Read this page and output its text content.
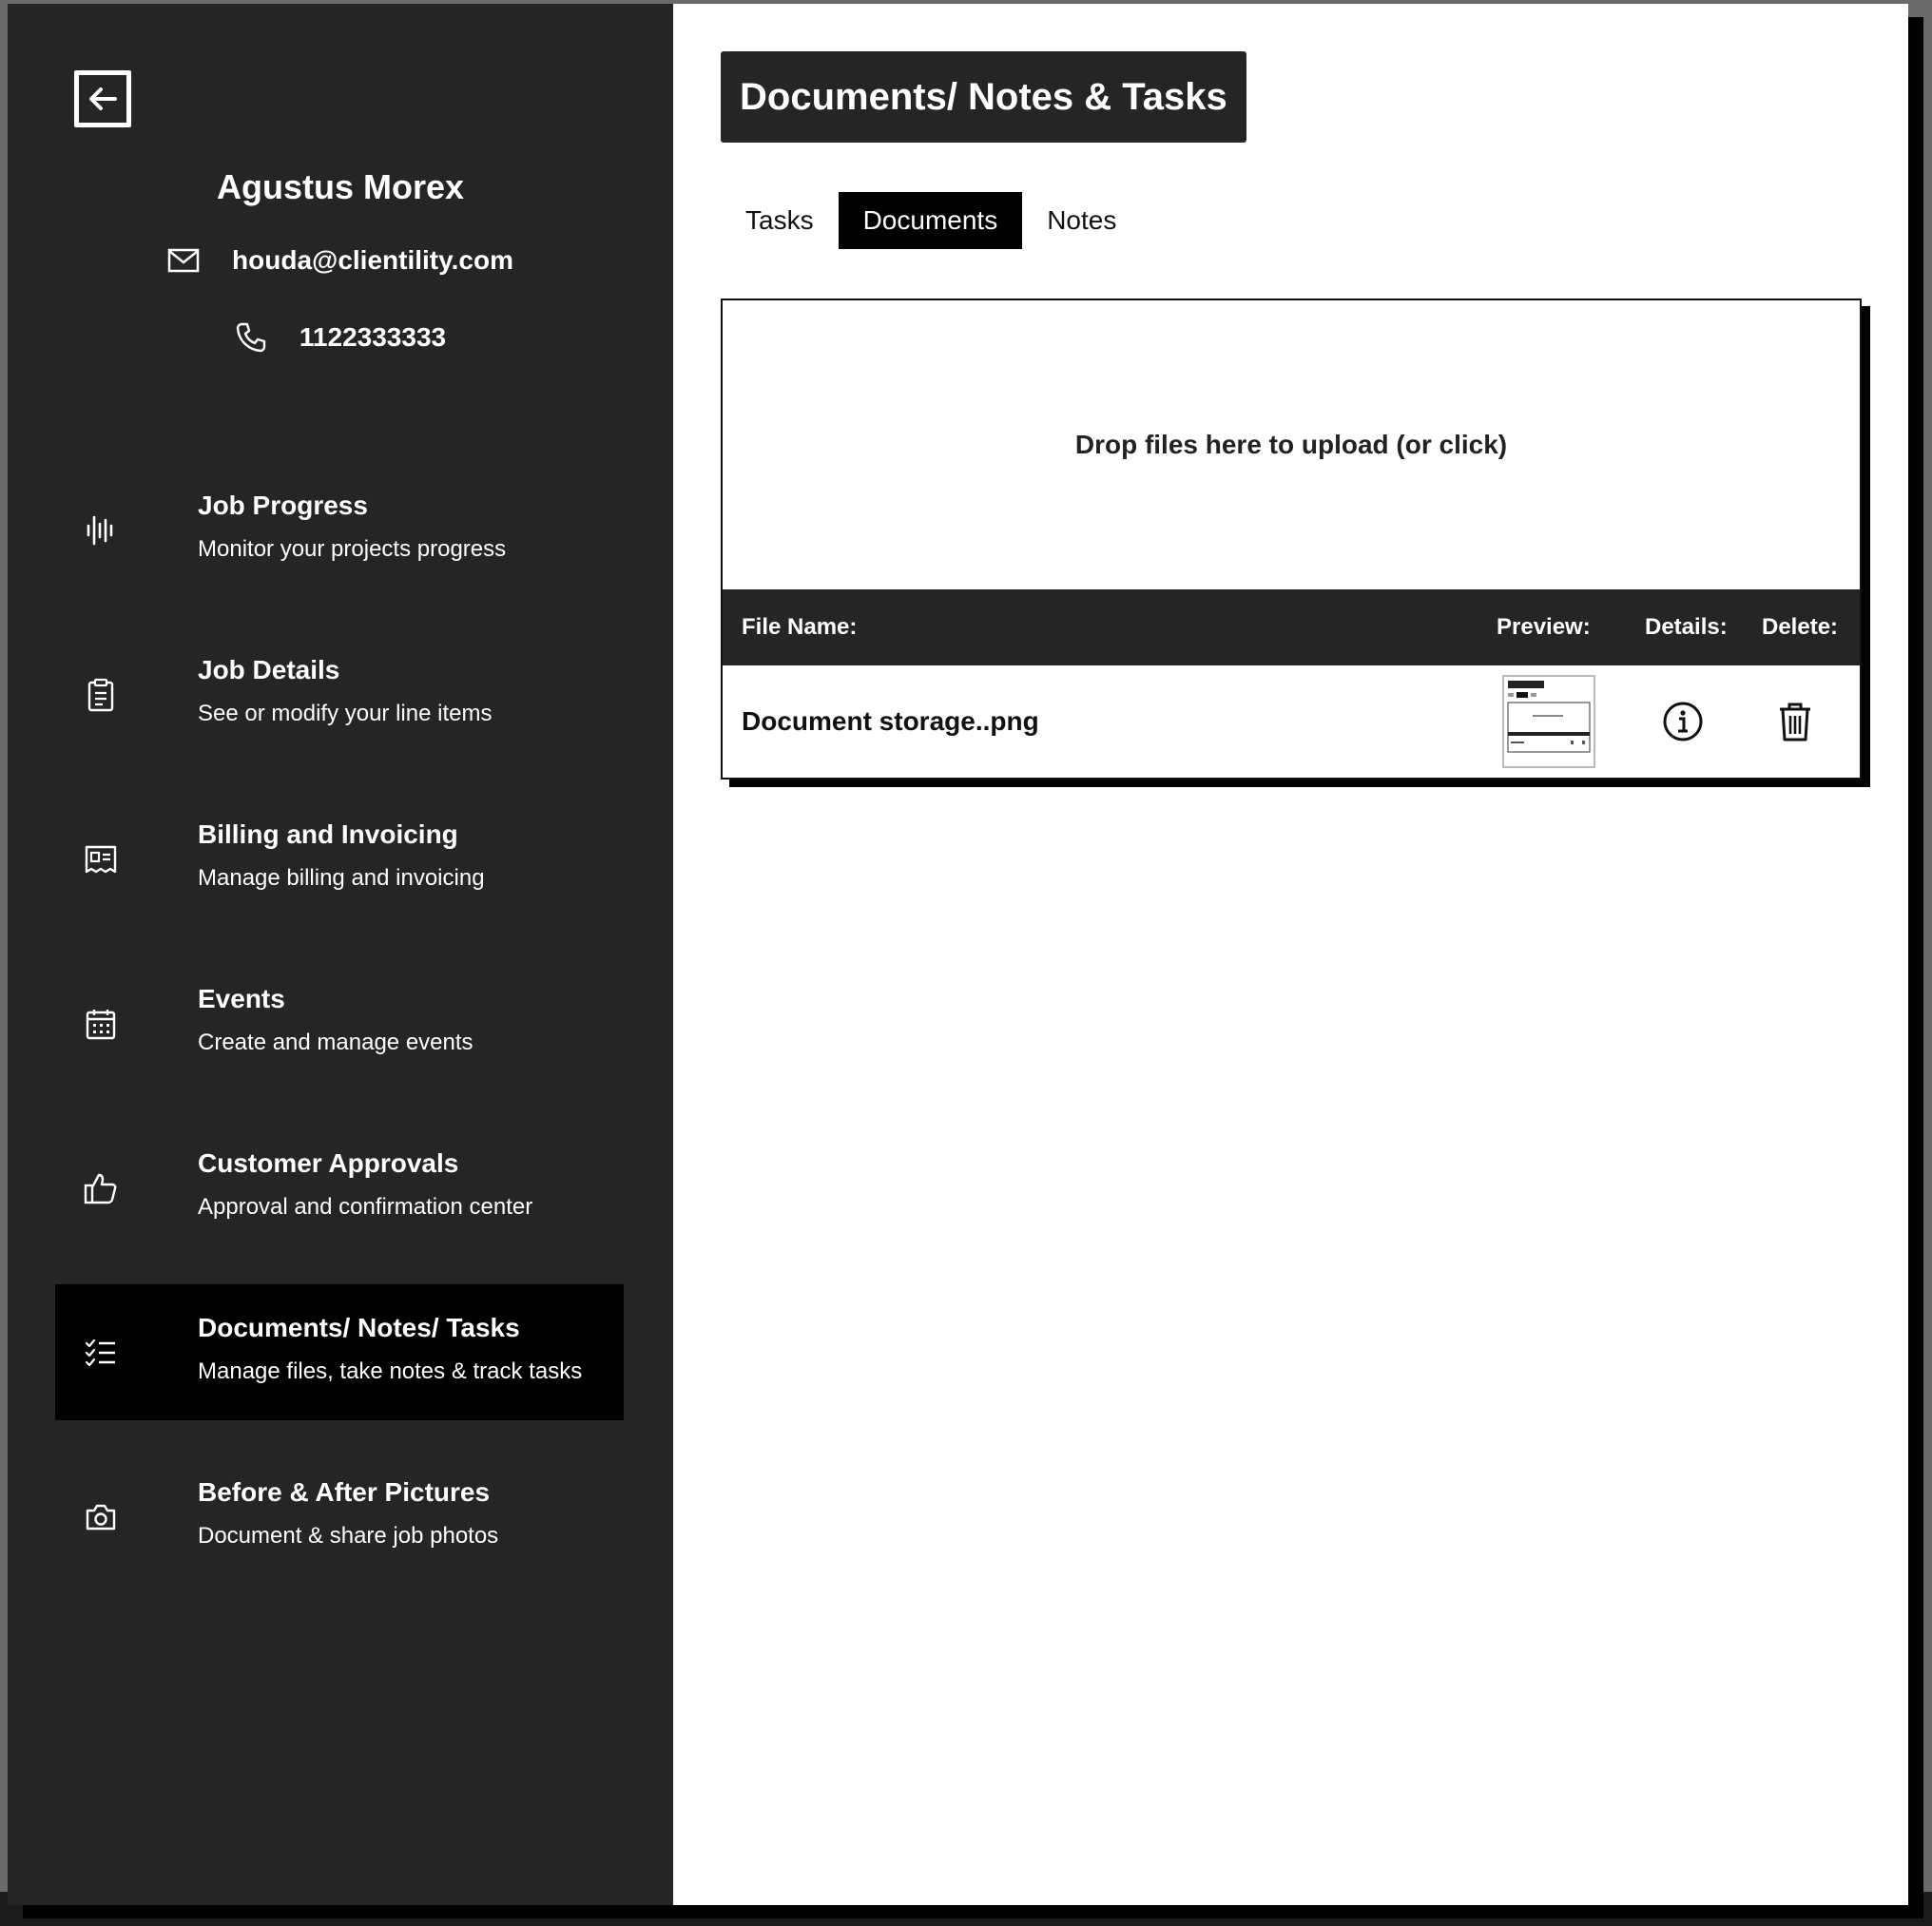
Agustus Morex
houda@clientility.com
1122333333
Job Progress
Monitor your projects progress
Job Details
See or modify your line items
Billing and Invoicing
Manage billing and invoicing
Events
Create and manage events
Customer Approvals
Approval and confirmation center
Documents/ Notes/ Tasks
Manage files, take notes & track tasks
Before & After Pictures
Document & share job photos
Documents/ Notes & Tasks
Tasks	Documents	Notes
Drop files here to upload (or click)
File Name:	Preview: Details: Delete:
Document storage..png
